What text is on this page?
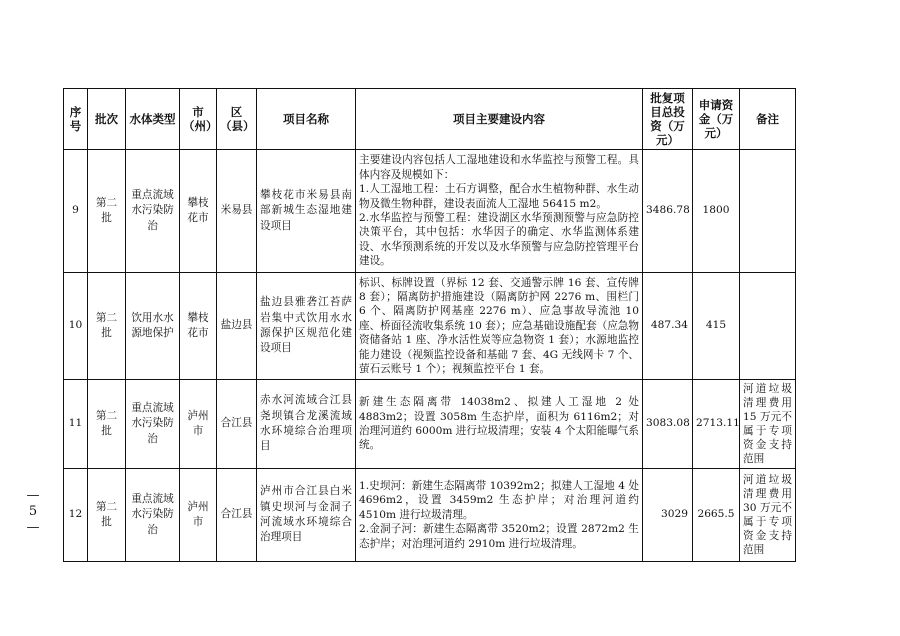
—
5
—
序号	批次	水体类型	市（州）	区（县）	项目名称	项目主要建设内容	批复项目总投资（万元）	申请资金（万元）	备注
9	第二批	重点流域水污染防治	攀枝花市	米易县	攀枝花市米易县南部新城生态湿地建设项目	主要建设内容包括人工湿地建设和水华监控与预警工程。具体内容及规模如下：
1.人工湿地工程：土石方调整，配合水生植物种群、水生动物及微生物种群，建设表面流人工湿地 56415 m2。
2.水华监控与预警工程：建设湖区水华预测预警与应急防控决策平台，其中包括：水华因子的确定、水华监测体系建设、水华预测系统的开发以及水华预警与应急防控管理平台建设。	3486.78	1800	
10	第二批	饮用水水源地保护	攀枝花市	盐边县	盐边县雅砻江苔萨岩集中式饮用水水源保护区规范化建设项目	标识、标牌设置（界标 12 套、交通警示牌 16 套、宣传牌 8 套）；隔离防护措施建设（隔离防护网 2276 m、围栏门 6 个、隔离防护网基座 2276 m）、应急事故导流池 10 座、桥面径流收集系统 10 套）；应急基础设施配套（应急物资储备站 1 座、净水活性炭等应急物资 1 套）；水源地监控能力建设（视频监控设备和基础 7 套、4G 无线网卡 7 个、萤石云账号 1 个）；视频监控平台 1 套。	487.34	415	
11	第二批	重点流域水污染防治	泸州市	合江县	赤水河流域合江县尧坝镇合龙溪流域水环境综合治理项目	新建生态隔离带 14038m2、拟建人工湿地 2 处 4883m2；设置 3058m 生态护岸，面积为 6116m2；对治理河道约 6000m 进行垃圾清理；安装 4 个太阳能曝气系统。	3083.08	2713.11	河道垃圾清理费用 15 万元不属于专项资金支持范围
12	第二批	重点流域水污染防治	泸州市	合江县	泸州市合江县白米镇史坝河与金洞子河流域水环境综合治理项目	1.史坝河：新建生态隔离带 10392m2；拟建人工湿地 4 处 4696m2，设置 3459m2 生态护岸；对治理河道约 4510m 进行垃圾清理。
2.金洞子河：新建生态隔离带 3520m2；设置 2872m2 生态护岸；对治理河道约 2910m 进行垃圾清理。	3029	2665.5	河道垃圾清理费用 30 万元不属于专项资金支持范围
